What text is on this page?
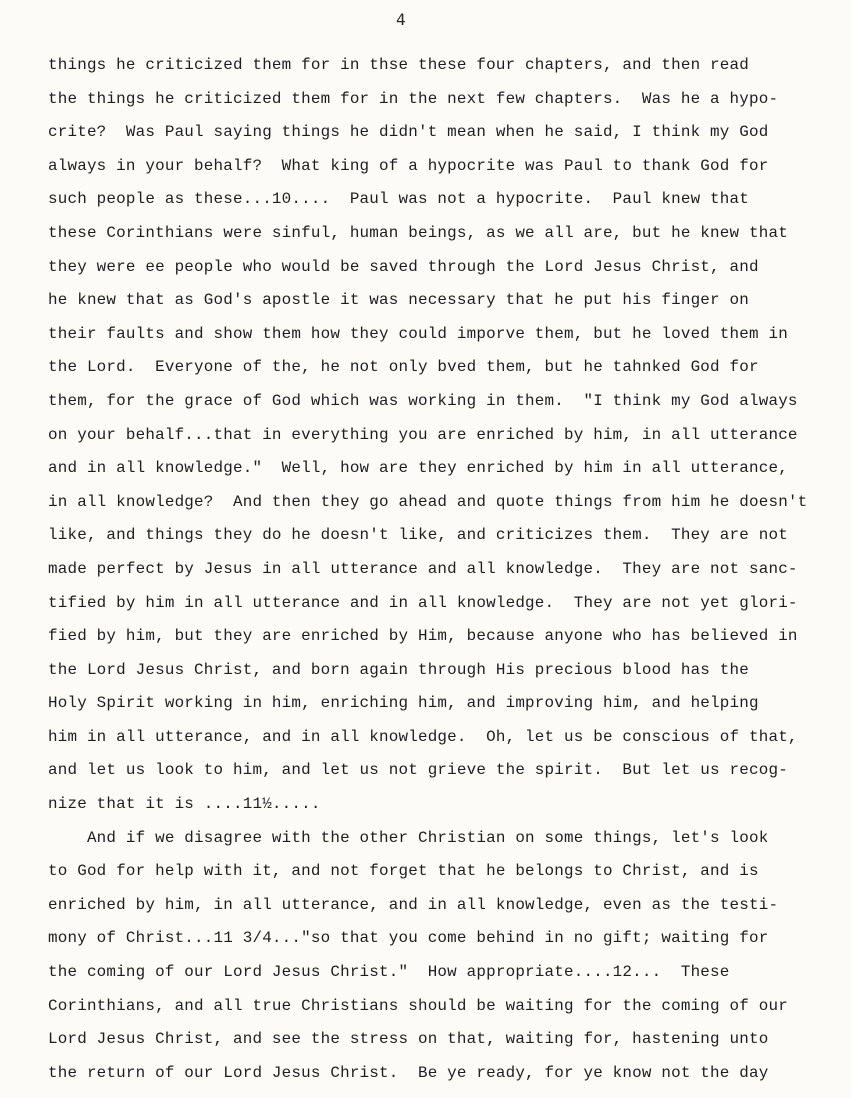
4
things he criticized them for in thse these four chapters, and then read
the things he criticized them for in the next few chapters.  Was he a hypo-
crite?  Was Paul saying things he didn't mean when he said, I think my God
always in your behalf?  What king of a hypocrite was Paul to thank God for
such people as these...10....  Paul was not a hypocrite.  Paul knew that
these Corinthians were sinful, human beings, as we all are, but he knew that
they were ee people who would be saved through the Lord Jesus Christ, and
he knew that as God's apostle it was necessary that he put his finger on
their faults and show them how they could imporve them, but he loved them in
the Lord.  Everyone of the, he not only bved them, but he tahnked God for
them, for the grace of God which was working in them.  "I think my God always
on your behalf...that in everything you are enriched by him, in all utterance
and in all knowledge."  Well, how are they enriched by him in all utterance,
in all knowledge?  And then they go ahead and quote things from him he doesn't
like, and things they do he doesn't like, and criticizes them.  They are not
made perfect by Jesus in all utterance and all knowledge.  They are not sanc-
tified by him in all utterance and in all knowledge.  They are not yet glori-
fied by him, but they are enriched by Him, because anyone who has believed in
the Lord Jesus Christ, and born again through His precious blood has the
Holy Spirit working in him, enriching him, and improving him, and helping
him in all utterance, and in all knowledge.  Oh, let us be conscious of that,
and let us look to him, and let us not grieve the spirit.  But let us recog-
nize that it is ....11½.....
And if we disagree with the other Christian on some things, let's look
to God for help with it, and not forget that he belongs to Christ, and is
enriched by him, in all utterance, and in all knowledge, even as the testi-
mony of Christ...11 3/4..."so that you come behind in no gift; waiting for
the coming of our Lord Jesus Christ."  How appropriate....12...  These
Corinthians, and all true Christians should be waiting for the coming of our
Lord Jesus Christ, and see the stress on that, waiting for, hastening unto
the return of our Lord Jesus Christ.  Be ye ready, for ye know not the day
